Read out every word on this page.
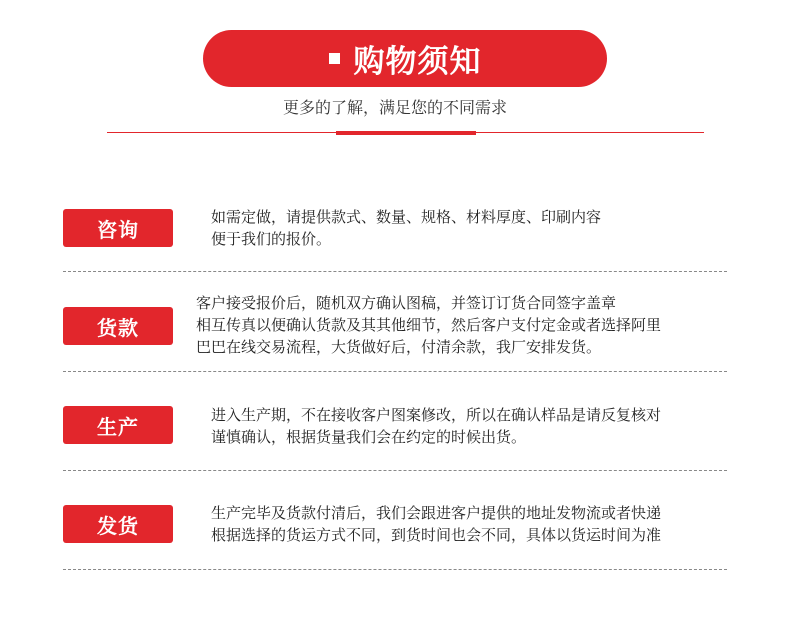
购物须知
更多的了解，满足您的不同需求
咨询
如需定做，请提供款式、数量、规格、材料厚度、印刷内容
便于我们的报价。
货款
客户接受报价后，随机双方确认图稿，并签订订货合同签字盖章
相互传真以便确认货款及其其他细节，然后客户支付定金或者选择阿里
巴巴在线交易流程，大货做好后，付清余款，我厂安排发货。
生产	进入生产期，不在接收客户图案修改，所以在确认样品是请反复核对
谨慎确认，根据货量我们会在约定的时候出货。
发货
生产完毕及货款付清后，我们会跟进客户提供的地址发物流或者快递
根据选择的货运方式不同，到货时间也会不同，具体以货运时间为准
